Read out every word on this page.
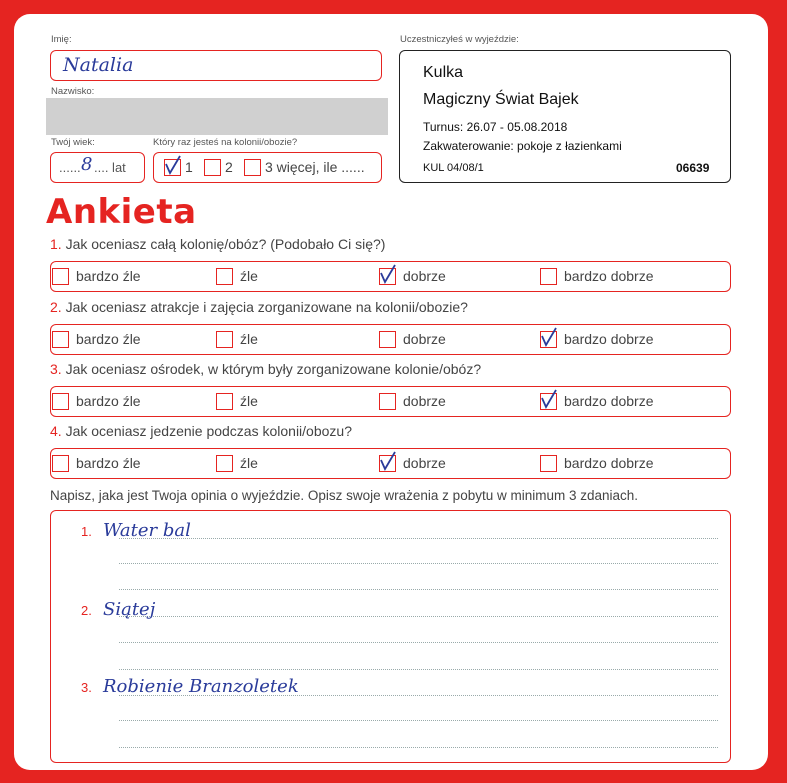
Imię:
Natalia
Nazwisko:
Twój wiek:
...... 8 .... lat
Który raz jesteś na kolonii/obozie?
1 2 3 więcej, ile ......
Uczestniczyłeś w wyjeździe:
Kulka
Magiczny Świat Bajek
Turnus: 26.07 - 05.08.2018
Zakwaterowanie: pokoje z łazienkami
KUL 04/08/1	06639
Ankieta
1. Jak oceniasz całą kolonię/obóz? (Podobało Ci się?)
bardzo źle	źle	dobrze	bardzo dobrze
2. Jak oceniasz atrakcje i zajęcia zorganizowane na kolonii/obozie?
bardzo źle	źle	dobrze	bardzo dobrze
3. Jak oceniasz ośrodek, w którym były zorganizowane kolonie/obóz?
bardzo źle	źle	dobrze	bardzo dobrze
4. Jak oceniasz jedzenie podczas kolonii/obozu?
bardzo źle	źle	dobrze	bardzo dobrze
Napisz, jaka jest Twoja opinia o wyjeździe. Opisz swoje wrażenia z pobytu w minimum 3 zdaniach.
1. Water bal
2. Siątej
3. Robienie Branzoletek
